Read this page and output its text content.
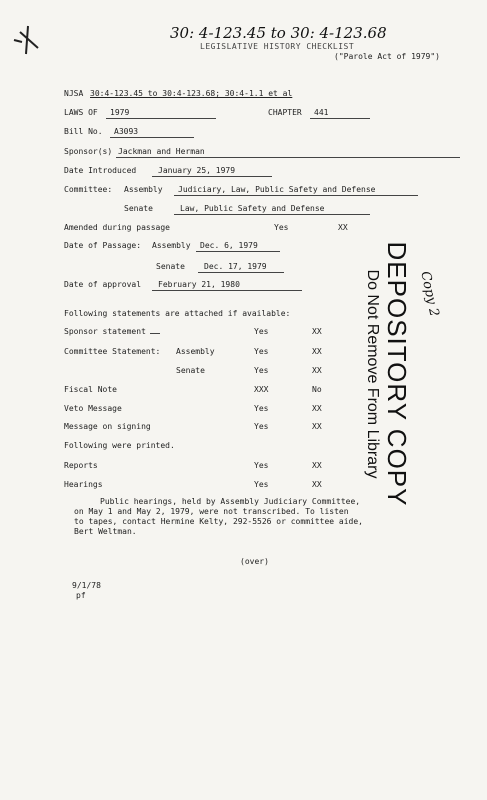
30: 4-123.45 to 30: 4-123.68
LEGISLATIVE HISTORY CHECKLIST
("Parole Act of 1979")
NJSA 30:4-123.45 to 30:4-123.68; 30:4-1.1 et al
LAWS OF 1979	CHAPTER 441
Bill No. A3093
Sponsor(s) Jackman and Herman
Date Introduced	January 25, 1979
Committee: Assembly Judiciary, Law, Public Safety and Defense
Senate	Law, Public Safety and Defense
Amended during passage	Yes	XX
Date of Passage: Assembly Dec. 6, 1979
Senate Dec. 17, 1979
Date of approval February 21, 1980
Following statements are attached if available:
Sponsor statement	Yes	XX
Committee Statement: Assembly	Yes	XX
Senate	Yes	XX
Fiscal Note	XXX	No
Veto Message	Yes	XX
Message on signing	Yes	XX
Following were printed.
Reports	Yes	XX
Hearings	Yes	XX DEPOSITORY COPY
Do Not Remove From Library	Copy 2
Public hearings, held by Assembly Judiciary Committee,
on May 1 and May 2, 1979, were not transcribed. To listen
to tapes, contact Hermine Kelty, 292-5526 or committee aide,
Bert Weltman.
(over)
9/1/78
pf
